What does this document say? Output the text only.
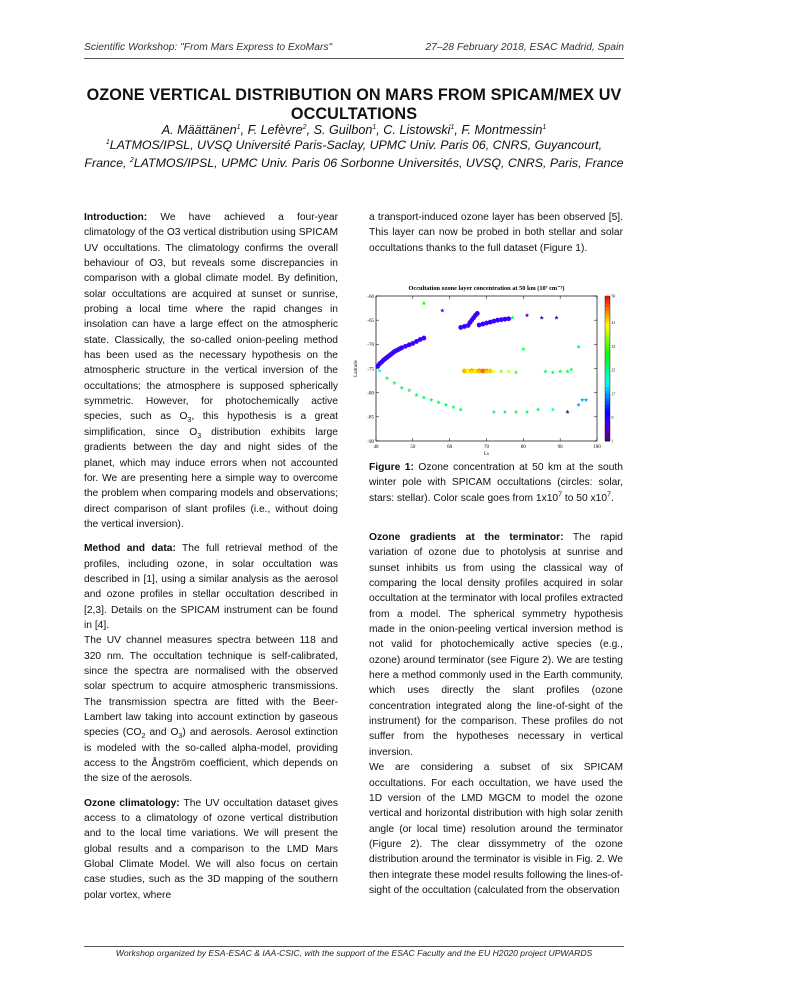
Scientific Workshop: "From Mars Express to ExoMars"	27–28 February 2018, ESAC Madrid, Spain
OZONE VERTICAL DISTRIBUTION ON MARS FROM SPICAM/MEX UV OCCULTATIONS
A. Määttänen$^1$, F. Lefèvre$^2$, S. Guilbon$^1$, C. Listowski$^1$, F. Montmessin$^1$
$^1$LATMOS/IPSL, UVSQ Université Paris-Saclay, UPMC Univ. Paris 06, CNRS, Guyancourt, France, $^2$LATMOS/IPSL, UPMC Univ. Paris 06 Sorbonne Universités, UVSQ, CNRS, Paris, France

Introduction: We have achieved a four-year climatology of the O3 vertical distribution using SPICAM UV occultations. The climatology confirms the overall behaviour of O3, but reveals some discrepancies in comparison with a global climate model. By definition, solar occultations are acquired at sunset or sunrise, probing a local time where the rapid changes in insolation can have a large effect on the atmospheric state. Classically, the so-called onion-peeling method has been used as the necessary hypothesis on the atmospheric structure in the vertical inversion of the occultations; the atmosphere is supposed spherically symmetric. However, for photochemically active species, such as $O_3$, this hypothesis is a great simplification, since $O_3$ distribution exhibits large gradients between the day and night sides of the planet, which may induce errors when not accounted for. We are presenting here a simple way to overcome the problem when comparing models and observations; direct comparison of slant profiles (i.e., without doing the vertical inversion).

Method and data: The full retrieval method of the profiles, including ozone, in solar occultation was described in [1], using a similar analysis as the aerosol and ozone profiles in stellar occultation described in [2,3]. Details on the SPICAM instrument can be found in [4].

The UV channel measures spectra between 118 and 320 nm. The occultation technique is self-calibrated, since the spectra are normalised with the observed solar spectrum to acquire atmospheric transmissions. The transmission spectra are fitted with the Beer-Lambert law taking into account extinction by gaseous species ($CO_2$ and $O_3$) and aerosols. Aerosol extinction is modeled with the so-called alpha-model, providing access to the Ångström coefficient, which depends on the size of the aerosols.

Ozone climatology: The UV occultation dataset gives access to a climatology of ozone vertical distribution and to the local time variations. We will present the global results and a comparison to the LMD Mars Global Climate Model. We will also focus on certain case studies, such as the 3D mapping of the southern polar vortex, where

a transport-induced ozone layer has been observed [5]. This layer can now be probed in both stellar and solar occultations thanks to the full dataset (Figure 1).

Occultation ozone layer concentration at 50 km (10⁷ cm⁻³)
40	50	60	70	80	90	100
-60
-65
-70
-75
-80
-85
-90
Ls
Latitude
50
41
33
25
17
9
1
Figure 1: Ozone concentration at 50 km at the south winter pole with SPICAM occultations (circles: solar, stars: stellar). Color scale goes from $1x10^7$ to 50 $x10^7$.

Ozone gradients at the terminator: The rapid variation of ozone due to photolysis at sunrise and sunset inhibits us from using the classical way of comparing the local density profiles acquired in solar occultation at the terminator with local profiles extracted from a model. The spherical symmetry hypothesis made in the onion-peeling vertical inversion method is not valid for photochemically active species (e.g., ozone) around terminator (see Figure 2). We are testing here a method commonly used in the Earth community, which uses directly the slant profiles (ozone concentration integrated along the line-of-sight of the instrument) for the comparison. These profiles do not suffer from the hypotheses necessary in vertical inversion.

We are considering a subset of six SPICAM occultations. For each occultation, we have used the 1D version of the LMD MGCM to model the ozone vertical and horizontal distribution with high solar zenith angle (or local time) resolution around the terminator (Figure 2). The clear dissymmetry of the ozone distribution around the terminator is visible in Fig. 2. We then integrate these model results following the lines-of-sight of the occultation (calculated from the observation

Workshop organized by ESA-ESAC & IAA-CSIC, with the support of the ESAC Faculty and the EU H2020 project UPWARDS
